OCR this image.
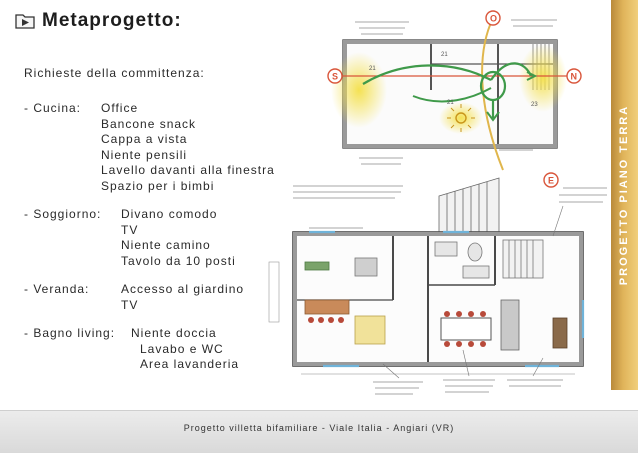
Metaprogetto:
Richieste della committenza:
- Cucina: Office
Bancone snack
Cappa a vista
Niente pensili
Lavello davanti alla finestra
Spazio per i bimbi
- Soggiorno: Divano comodo
TV
Niente camino
Tavolo da 10 posti
- Veranda:	Accesso al giardino
TV
- Bagno living: Niente doccia
Lavabo e WC
Area lavanderia
21
21
21	23
O
S	N
E	PROGETTO PIANO TERRA
Progetto villetta bifamiliare - Viale Italia - Angiari (VR)
